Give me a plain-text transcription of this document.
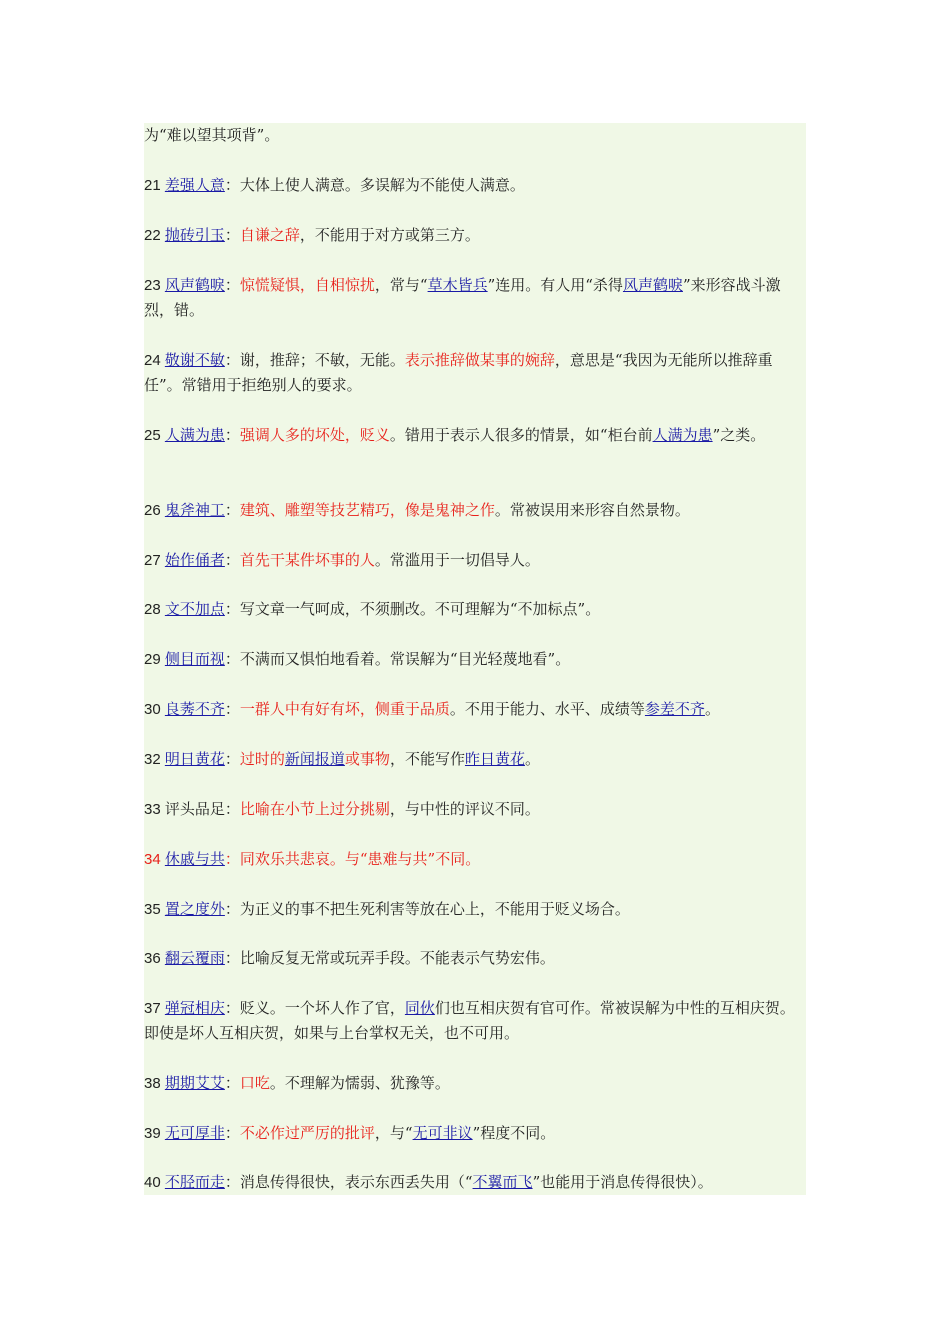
为“难以望其项背”。
21 差强人意：大体上使人满意。多误解为不能使人满意。
22 抛砖引玉：自谦之辞，不能用于对方或第三方。
23 风声鹤唳：惊慌疑惧，自相惊扰，常与“草木皆兵”连用。有人用“杀得风声鹤唳”来形容战斗激烈，错。
24 敬谢不敏：谢，推辞；不敏，无能。表示推辞做某事的婉辞，意思是“我因为无能所以推辞重任”。常错用于拒绝别人的要求。
25 人满为患：强调人多的坏处，贬义。错用于表示人很多的情景，如“柜台前人满为患”之类。
26 鬼斧神工：建筑、雕塑等技艺精巧，像是鬼神之作。常被误用来形容自然景物。
27 始作俑者：首先干某件坏事的人。常滥用于一切倡导人。
28 文不加点：写文章一气呵成，不须删改。不可理解为“不加标点”。
29 侧目而视：不满而又惧怕地看着。常误解为“目光轻蔑地看”。
30 良莠不齐：一群人中有好有坏，侧重于品质。不用于能力、水平、成绩等参差不齐。
32 明日黄花：过时的新闻报道或事物，不能写作昨日黄花。
33 评头品足：比喻在小节上过分挑剔，与中性的评议不同。
34 休戚与共：同欢乐共悲哀。与“患难与共”不同。
35 置之度外：为正义的事不把生死利害等放在心上，不能用于贬义场合。
36 翻云覆雨：比喻反复无常或玩弄手段。不能表示气势宏伟。
37 弹冠相庆：贬义。一个坏人作了官，同伙们也互相庆贺有官可作。常被误解为中性的互相庆贺。即使是坏人互相庆贺，如果与上台掌权无关，也不可用。
38 期期艾艾：口吃。不理解为懦弱、犹豫等。
39 无可厚非：不必作过严厉的批评，与“无可非议”程度不同。
40 不胫而走：消息传得很快，表示东西丢失用（“不翼而飞”也能用于消息传得很快）。
